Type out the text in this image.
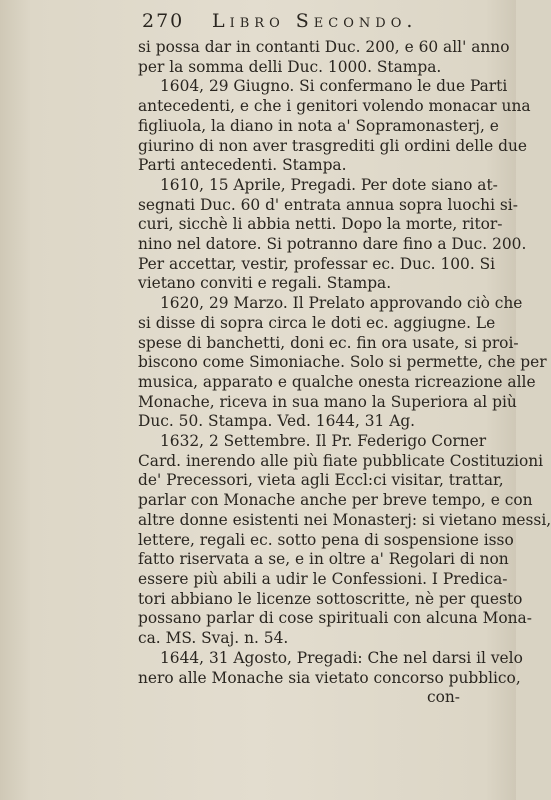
270 Libro Secondo.
si possa dar in contanti Duc. 200, e 60 all' anno
per la somma delli Duc. 1000. Stampa.
1604, 29 Giugno. Si confermano le due Parti
antecedenti, e che i genitori volendo monacar una
figliuola, la diano in nota a' Sopramonasterj, e
giurino di non aver trasgrediti gli ordini delle due
Parti antecedenti. Stampa.
1610, 15 Aprile, Pregadi. Per dote siano at-
segnati Duc. 60 d' entrata annua sopra luochi si-
curi, sicchè li abbia netti. Dopo la morte, ritor-
nino nel datore. Si potranno dare fino a Duc. 200.
Per accettar, vestir, professar ec. Duc. 100. Si
vietano conviti e regali. Stampa.
1620, 29 Marzo. Il Prelato approvando ciò che
si disse di sopra circa le doti ec. aggiugne. Le
spese di banchetti, doni ec. fin ora usate, si proi-
biscono come Simoniache. Solo si permette, che per
musica, apparato e qualche onesta ricreazione alle
Monache, riceva in sua mano la Superiora al più
Duc. 50. Stampa. Ved. 1644, 31 Ag.
1632, 2 Settembre. Il Pr. Federigo Corner
Card. inerendo alle più fiate pubblicate Costituzioni
de' Precessori, vieta agli Eccl:ci visitar, trattar,
parlar con Monache anche per breve tempo, e con
altre donne esistenti nei Monasterj: si vietano messi,
lettere, regali ec. sotto pena di sospensione isso
fatto riservata a se, e in oltre a' Regolari di non
essere più abili a udir le Confessioni. I Predica-
tori abbiano le licenze sottoscritte, nè per questo
possano parlar di cose spirituali con alcuna Mona-
ca. MS. Svaj. n. 54.
1644, 31 Agosto, Pregadi: Che nel darsi il velo
nero alle Monache sia vietato concorso pubblico,
con-
